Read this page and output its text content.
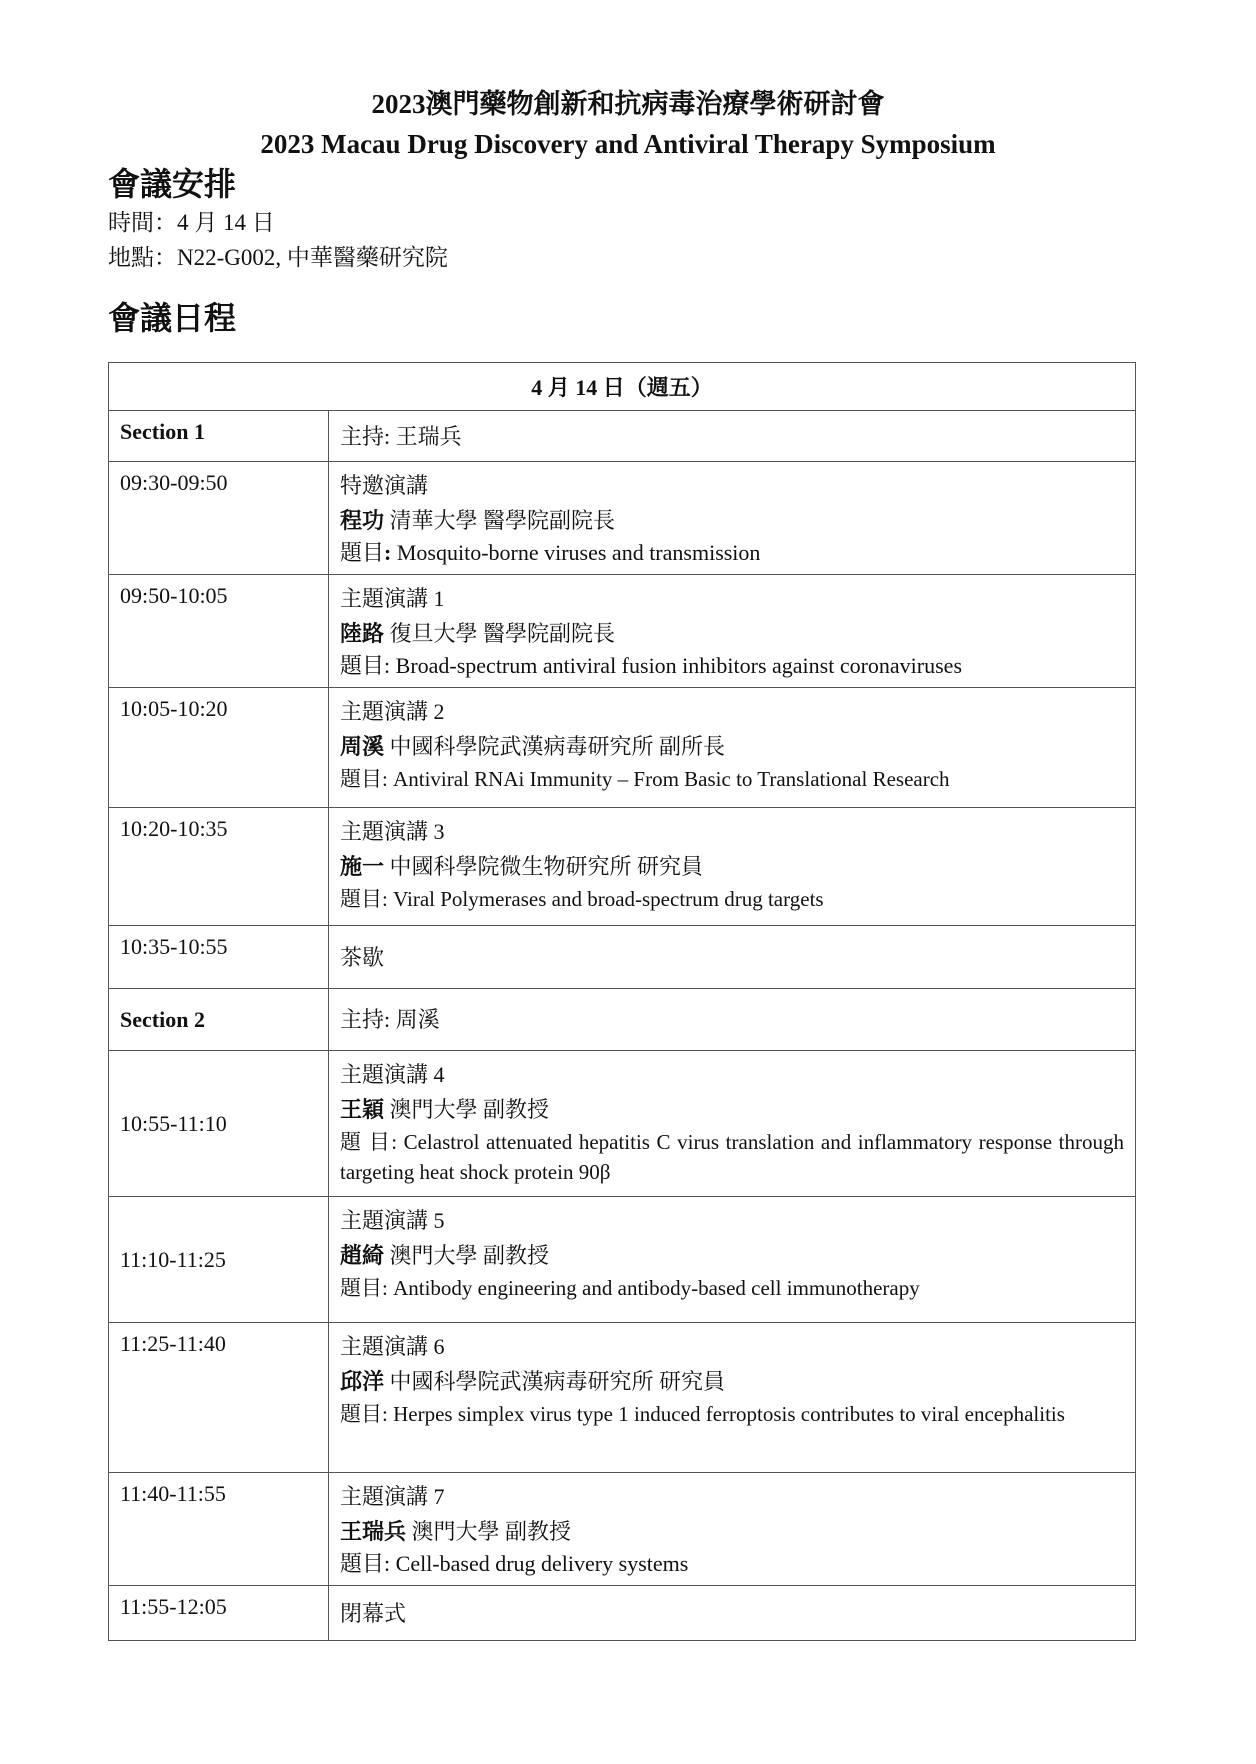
2023澳門藥物創新和抗病毒治療學術研討會
2023 Macau Drug Discovery and Antiviral Therapy Symposium
會議安排

時間：4 月 14 日

地點：N22-G002, 中華醫藥研究院

會議日程
4 月 14 日（週五）	
Section 1	主持: 王瑞兵
09:30-09:50	特邀演講
程功 清華大學 醫學院副院長
題目: Mosquito-borne viruses and transmission

09:50-10:05	主題演講 1
陸路 復旦大學 醫學院副院長
題目: Broad-spectrum antiviral fusion inhibitors against coronaviruses

10:05-10:20	主題演講 2
周溪 中國科學院武漢病毒研究所 副所長
題目: Antiviral RNAi Immunity – From Basic to Translational Research

10:20-10:35	主題演講 3
施一 中國科學院微生物研究所 研究員
題目: Viral Polymerases and broad-spectrum drug targets

10:35-10:55	茶歇
Section 2	主持: 周溪
10:55-11:10	主題演講 4
王穎 澳門大學 副教授
題 目: Celastrol attenuated hepatitis C virus translation and inflammatory response through targeting heat shock protein 90β

11:10-11:25	主題演講 5
趙綺 澳門大學 副教授
題目: Antibody engineering and antibody-based cell immunotherapy

11:25-11:40	主題演講 6
邱洋 中國科學院武漢病毒研究所 研究員
題目: Herpes simplex virus type 1 induced ferroptosis contributes to viral encephalitis

11:40-11:55	主題演講 7
王瑞兵 澳門大學 副教授
題目: Cell-based drug delivery systems

11:55-12:05	閉幕式
